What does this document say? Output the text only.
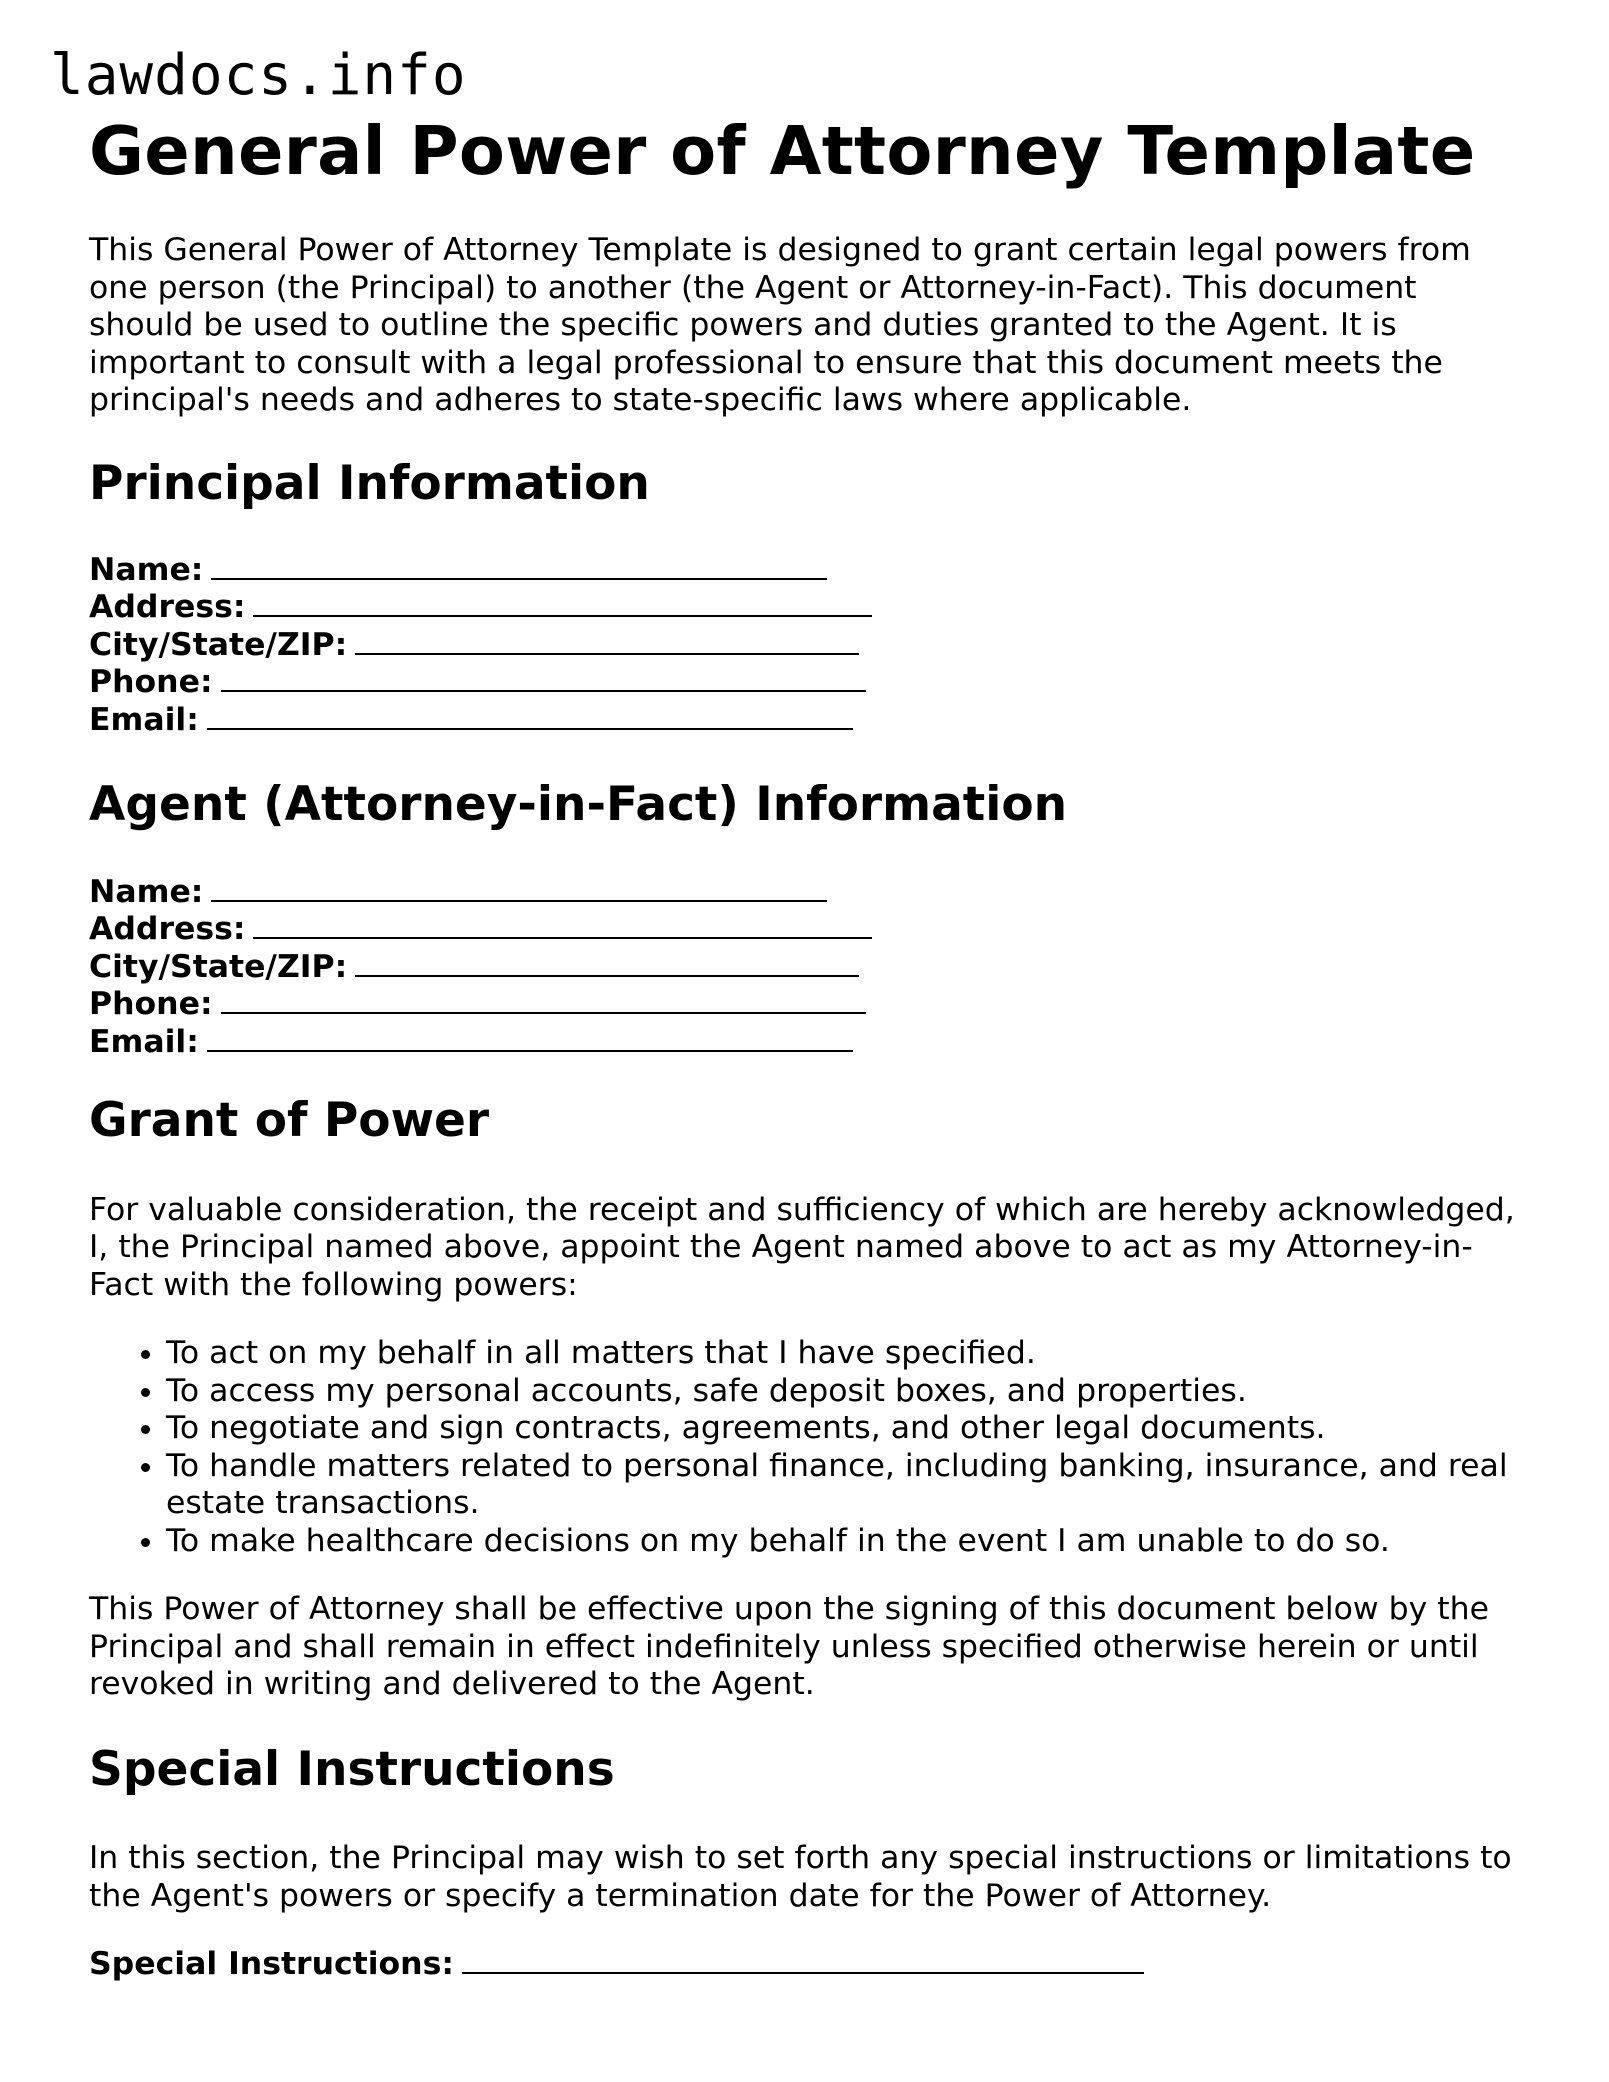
lawdocs.info
General Power of Attorney Template

This General Power of Attorney Template is designed to grant certain legal powers from one person (the Principal) to another (the Agent or Attorney-in-Fact). This document should be used to outline the specific powers and duties granted to the Agent. It is important to consult with a legal professional to ensure that this document meets the principal's needs and adheres to state-specific laws where applicable.

Principal Information
Name:
Address:
City/State/ZIP:
Phone:
Email:
Agent (Attorney-in-Fact) Information
Name:
Address:
City/State/ZIP:
Phone:
Email:
Grant of Power

For valuable consideration, the receipt and sufficiency of which are hereby acknowledged, I, the Principal named above, appoint the Agent named above to act as my Attorney-in-Fact with the following powers:

• To act on my behalf in all matters that I have specified.
• To access my personal accounts, safe deposit boxes, and properties.
• To negotiate and sign contracts, agreements, and other legal documents.
• To handle matters related to personal finance, including banking, insurance, and real estate transactions.
• To make healthcare decisions on my behalf in the event I am unable to do so.

This Power of Attorney shall be effective upon the signing of this document below by the Principal and shall remain in effect indefinitely unless specified otherwise herein or until revoked in writing and delivered to the Agent.

Special Instructions

In this section, the Principal may wish to set forth any special instructions or limitations to the Agent's powers or specify a termination date for the Power of Attorney.

Special Instructions:
